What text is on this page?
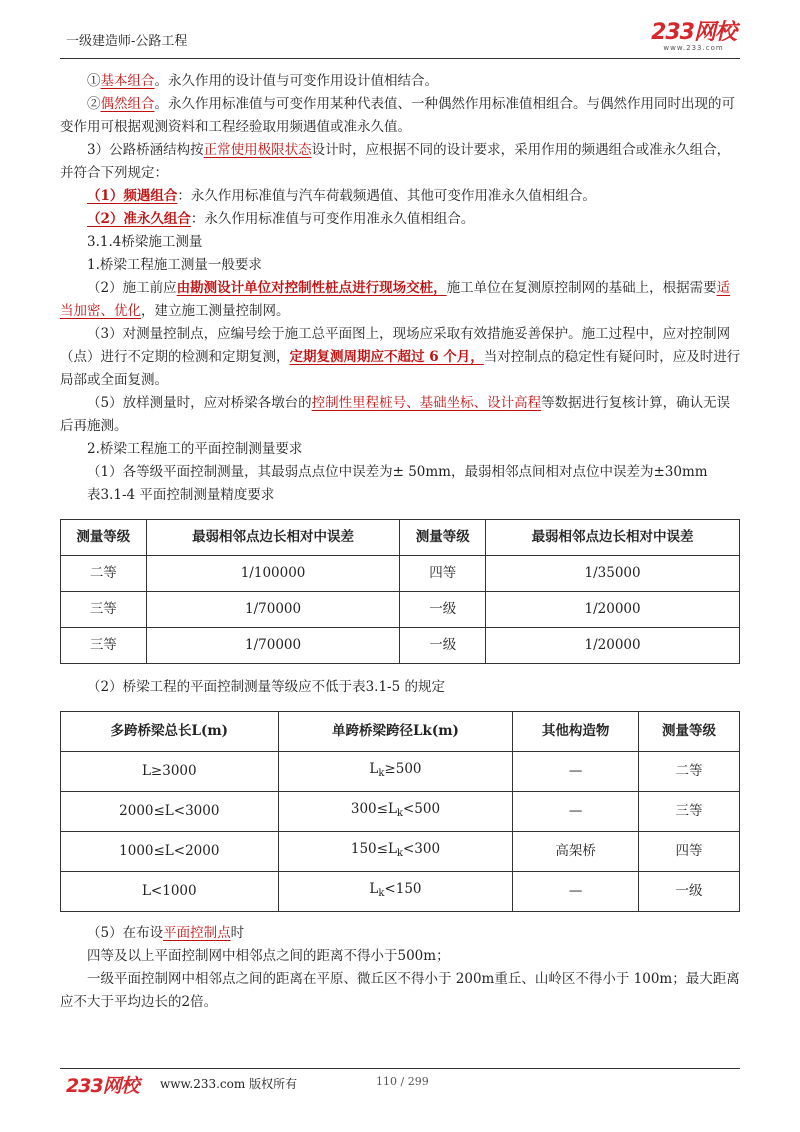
一级建造师-公路工程	233网校
www.233.com

①基本组合。永久作用的设计值与可变作用设计值相结合。

②偶然组合。永久作用标准值与可变作用某种代表值、一种偶然作用标准值相组合。与偶然作用同时出现的可变作用可根据观测资料和工程经验取用频遇值或准永久值。

3）公路桥涵结构按正常使用极限状态设计时，应根据不同的设计要求，采用作用的频遇组合或准永久组合，并符合下列规定：

（1）频遇组合：永久作用标准值与汽车荷载频遇值、其他可变作用准永久值相组合。

（2）准永久组合：永久作用标准值与可变作用准永久值相组合。

3.1.4桥梁施工测量

1.桥梁工程施工测量一般要求

（2）施工前应由勘测设计单位对控制性桩点进行现场交桩，施工单位在复测原控制网的基础上，根据需要适当加密、优化，建立施工测量控制网。

（3）对测量控制点，应编号绘于施工总平面图上，现场应采取有效措施妥善保护。施工过程中，应对控制网（点）进行不定期的检测和定期复测，定期复测周期应不超过 6 个月，当对控制点的稳定性有疑问时，应及时进行局部或全面复测。

（5）放样测量时，应对桥梁各墩台的控制性里程桩号、基础坐标、设计高程等数据进行复核计算，确认无误后再施测。

2.桥梁工程施工的平面控制测量要求

（1）各等级平面控制测量，其最弱点点位中误差为± 50mm，最弱相邻点间相对点位中误差为±30mm

表3.1-4 平面控制测量精度要求

测量等级	最弱相邻点边长相对中误差	测量等级	最弱相邻点边长相对中误差
二等	1/100000	四等	1/35000
三等	1/70000	一级	1/20000
三等	1/70000	一级	1/20000

（2）桥梁工程的平面控制测量等级应不低于表3.1-5 的规定

多跨桥梁总长L(m)	单跨桥梁跨径Lk(m)	其他构造物	测量等级
L≥3000	$L_k\ge 500$	—	二等
2000≤L<3000	$300\le L_k<500$	—	三等
1000≤L<2000	$150\le L_k<300$	高架桥	四等
L<1000	$L_k<150$	—	一级

（5）在布设平面控制点时

四等及以上平面控制网中相邻点之间的距离不得小于500m；

一级平面控制网中相邻点之间的距离在平原、微丘区不得小于 200m重丘、山岭区不得小于 100m；最大距离应不大于平均边长的2倍。

233网校 www.233.com 版权所有	110 / 299
